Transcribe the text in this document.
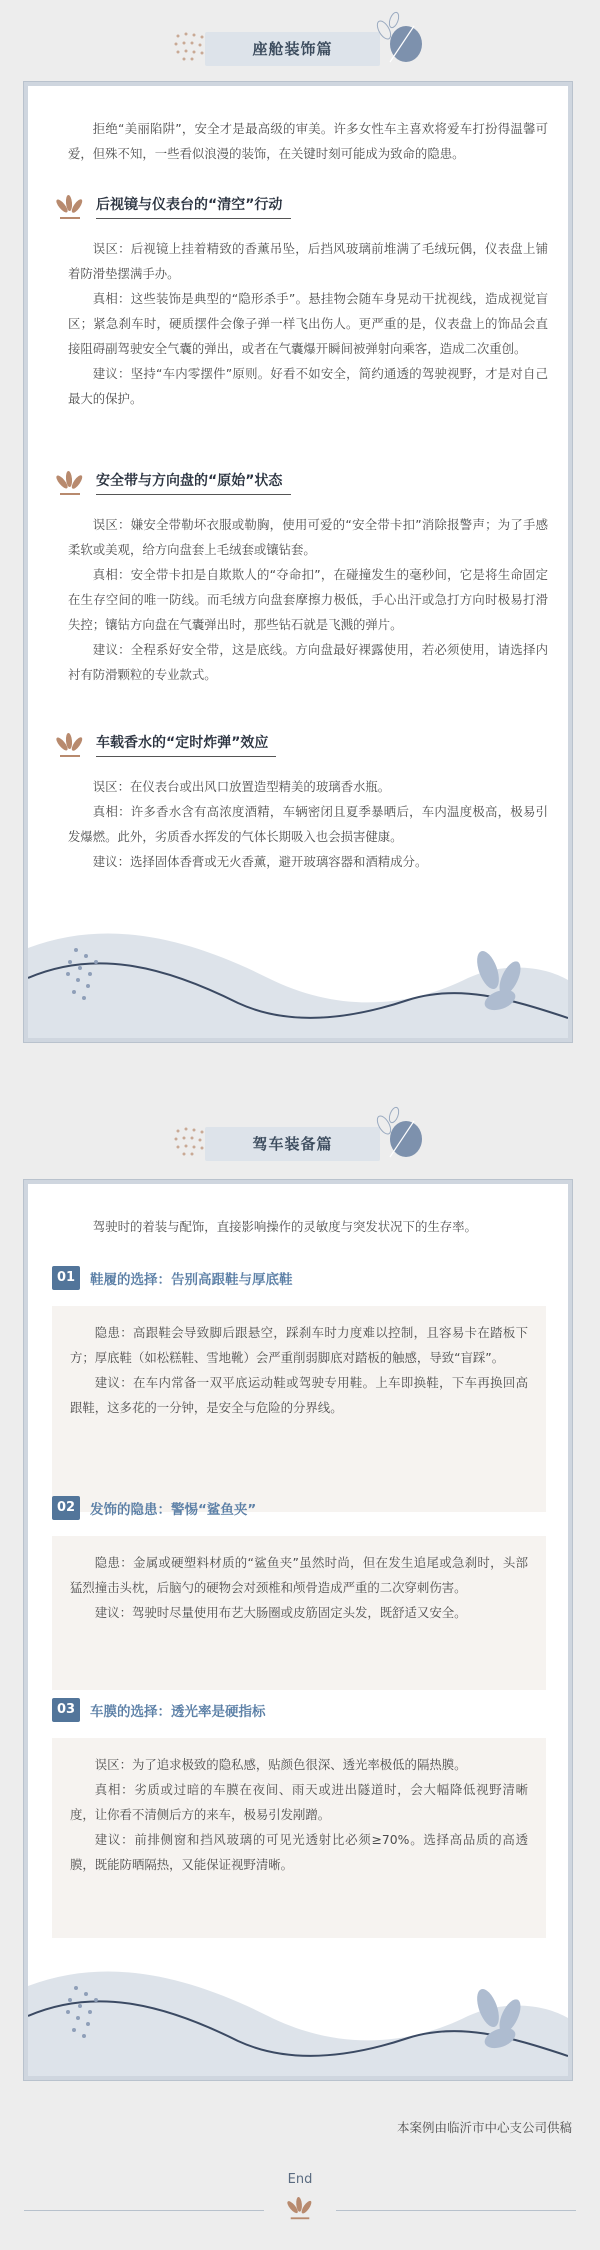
座舱装饰篇

拒绝“美丽陷阱”，安全才是最高级的审美。许多女性车主喜欢将爱车打扮得温馨可爱，但殊不知，一些看似浪漫的装饰，在关键时刻可能成为致命的隐患。

后视镜与仪表台的“清空”行动

误区：后视镜上挂着精致的香薰吊坠，后挡风玻璃前堆满了毛绒玩偶，仪表盘上铺着防滑垫摆满手办。

真相：这些装饰是典型的“隐形杀手”。悬挂物会随车身晃动干扰视线，造成视觉盲区；紧急刹车时，硬质摆件会像子弹一样飞出伤人。更严重的是，仪表盘上的饰品会直接阻碍副驾驶安全气囊的弹出，或者在气囊爆开瞬间被弹射向乘客，造成二次重创。

建议：坚持“车内零摆件”原则。好看不如安全，简约通透的驾驶视野，才是对自己最大的保护。

安全带与方向盘的“原始”状态

误区：嫌安全带勒坏衣服或勒胸，使用可爱的“安全带卡扣”消除报警声；为了手感柔软或美观，给方向盘套上毛绒套或镶钻套。

真相：安全带卡扣是自欺欺人的“夺命扣”，在碰撞发生的毫秒间，它是将生命固定在生存空间的唯一防线。而毛绒方向盘套摩擦力极低，手心出汗或急打方向时极易打滑失控；镶钻方向盘在气囊弹出时，那些钻石就是飞溅的弹片。

建议：全程系好安全带，这是底线。方向盘最好裸露使用，若必须使用，请选择内衬有防滑颗粒的专业款式。

车载香水的“定时炸弹”效应

误区：在仪表台或出风口放置造型精美的玻璃香水瓶。

真相：许多香水含有高浓度酒精，车辆密闭且夏季暴晒后，车内温度极高，极易引发爆燃。此外，劣质香水挥发的气体长期吸入也会损害健康。

建议：选择固体香膏或无火香薰，避开玻璃容器和酒精成分。

驾车装备篇

驾驶时的着装与配饰，直接影响操作的灵敏度与突发状况下的生存率。

01	鞋履的选择：告别高跟鞋与厚底鞋

隐患：高跟鞋会导致脚后跟悬空，踩刹车时力度难以控制，且容易卡在踏板下方；厚底鞋（如松糕鞋、雪地靴）会严重削弱脚底对踏板的触感，导致“盲踩”。

建议：在车内常备一双平底运动鞋或驾驶专用鞋。上车即换鞋，下车再换回高跟鞋，这多花的一分钟，是安全与危险的分界线。

02	发饰的隐患：警惕“鲨鱼夹”

隐患：金属或硬塑料材质的“鲨鱼夹”虽然时尚，但在发生追尾或急刹时，头部猛烈撞击头枕，后脑勺的硬物会对颈椎和颅骨造成严重的二次穿刺伤害。

建议：驾驶时尽量使用布艺大肠圈或皮筋固定头发，既舒适又安全。

03	车膜的选择：透光率是硬指标

误区：为了追求极致的隐私感，贴颜色很深、透光率极低的隔热膜。

真相：劣质或过暗的车膜在夜间、雨天或进出隧道时，会大幅降低视野清晰度，让你看不清侧后方的来车，极易引发剐蹭。

建议：前排侧窗和挡风玻璃的可见光透射比必须≥70%。选择高品质的高透膜，既能防晒隔热，又能保证视野清晰。

本案例由临沂市中心支公司供稿
End
